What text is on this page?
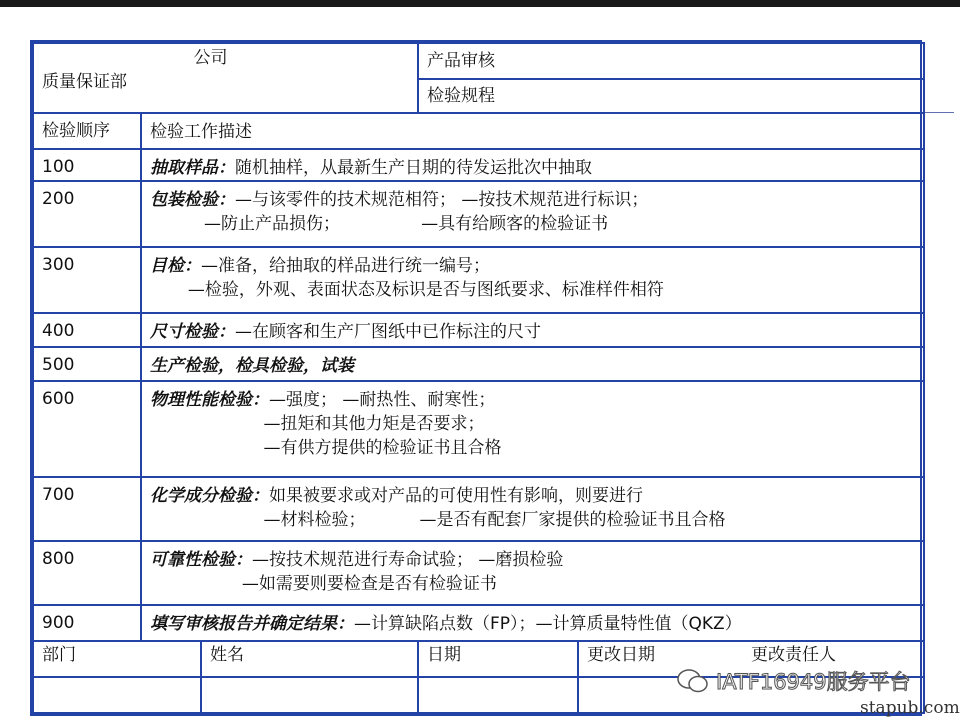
公司
质量保证部			产品审核	
			检验规程	
检验顺序	检验工作描述			
100	抽取样品：随机抽样，从最新生产日期的待发运批次中抽取			
200	包装检验：—与该零件的技术规范相符； —按技术规范进行标识；
—防止产品损伤；               —具有给顾客的检验证书			

300	目检：—准备，给抽取的样品进行统一编号；
—检验，外观、表面状态及标识是否与图纸要求、标准样件相符			

400	尺寸检验：—在顾客和生产厂图纸中已作标注的尺寸			
500	生产检验，检具检验，试装			
600	物理性能检验：—强度； —耐热性、耐寒性；
—扭矩和其他力矩是否要求；
—有供方提供的检验证书且合格			

700	化学成分检验：如果被要求或对产品的可使用性有影响，则要进行
—材料检验；          —是否有配套厂家提供的检验证书且合格			

800	可靠性检验：—按技术规范进行寿命试验； —磨损检验
—如需要则要检查是否有检验证书			

900	填写审核报告并确定结果：—计算缺陷点数（FP）；—计算质量特性值（QKZ）			
部门		姓名	日期	更改日期 更改责任人

IATF16949服务平台
stapub.com
